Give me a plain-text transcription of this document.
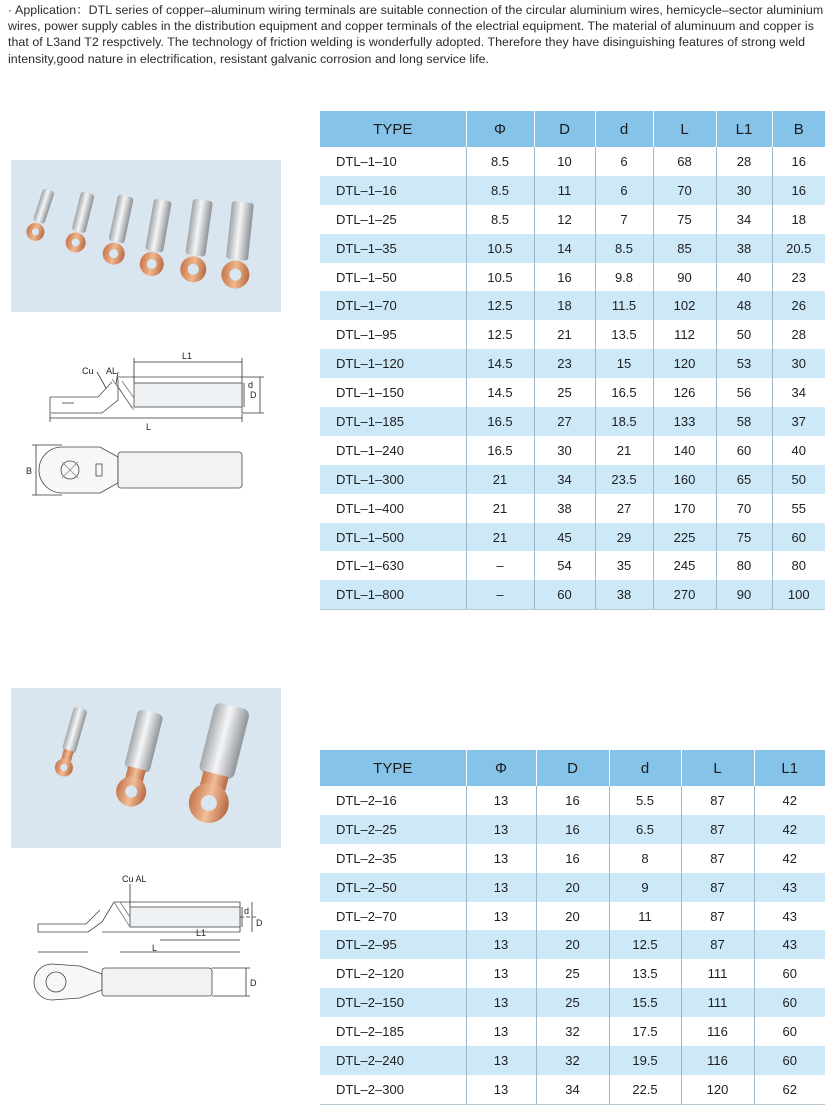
· Application：DTL series of copper–aluminum wiring terminals are suitable connection of the circular aluminium wires, hemicycle–sector aluminium wires, power supply cables in the distribution equipment and copper terminals of the electrial equipment. The material of aluminuum and copper is that of L3and T2 respctively. The technology of friction welding is wonderfully adopted. Therefore they have disinguishing features of strong weld intensity,good nature in electrification, resistant galvanic corrosion and long service life.
Cu AL
L1
L
d
D
B
TYPE	Φ	D	d	L	L1	B
DTL–1–10	8.5	10	6	68	28	16
DTL–1–16	8.5	11	6	70	30	16
DTL–1–25	8.5	12	7	75	34	18
DTL–1–35	10.5	14	8.5	85	38	20.5
DTL–1–50	10.5	16	9.8	90	40	23
DTL–1–70	12.5	18	11.5	102	48	26
DTL–1–95	12.5	21	13.5	112	50	28
DTL–1–120	14.5	23	15	120	53	30
DTL–1–150	14.5	25	16.5	126	56	34
DTL–1–185	16.5	27	18.5	133	58	37
DTL–1–240	16.5	30	21	140	60	40
DTL–1–300	21	34	23.5	160	65	50
DTL–1–400	21	38	27	170	70	55
DTL–1–500	21	45	29	225	75	60
DTL–1–630	–	54	35	245	80	80
DTL–1–800	–	60	38	270	90	100
Cu AL
L
L1
d
D
D
TYPE	Φ	D	d	L	L1
DTL–2–16	13	16	5.5	87	42
DTL–2–25	13	16	6.5	87	42
DTL–2–35	13	16	8	87	42
DTL–2–50	13	20	9	87	43
DTL–2–70	13	20	11	87	43
DTL–2–95	13	20	12.5	87	43
DTL–2–120	13	25	13.5	111	60
DTL–2–150	13	25	15.5	111	60
DTL–2–185	13	32	17.5	116	60
DTL–2–240	13	32	19.5	116	60
DTL–2–300	13	34	22.5	120	62
